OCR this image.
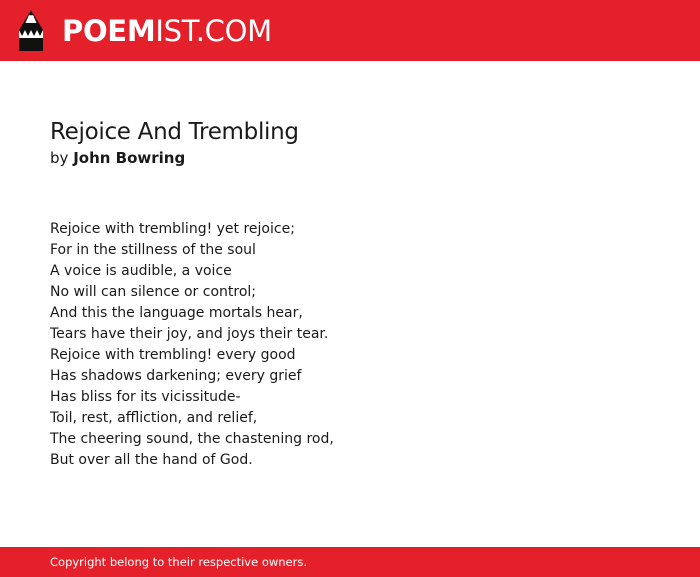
POEMIST.COM
Rejoice And Trembling
by John Bowring
Rejoice with trembling! yet rejoice;
For in the stillness of the soul
A voice is audible, a voice
No will can silence or control;
And this the language mortals hear,
Tears have their joy, and joys their tear.
Rejoice with trembling! every good
Has shadows darkening; every grief
Has bliss for its vicissitude-
Toil, rest, affliction, and relief,
The cheering sound, the chastening rod,
But over all the hand of God.
Copyright belong to their respective owners.
